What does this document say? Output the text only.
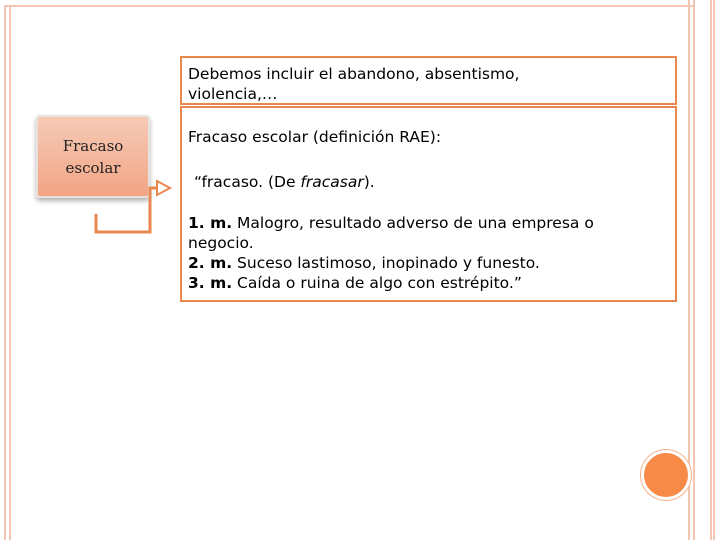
Fracaso
escolar
Debemos incluir el abandono, absentismo,
violencia,…
Fracaso escolar (definición RAE):
“fracaso. (De fracasar).
1. m. Malogro, resultado adverso de una empresa o
negocio.
2. m. Suceso lastimoso, inopinado y funesto.
3. m. Caída o ruina de algo con estrépito.”
